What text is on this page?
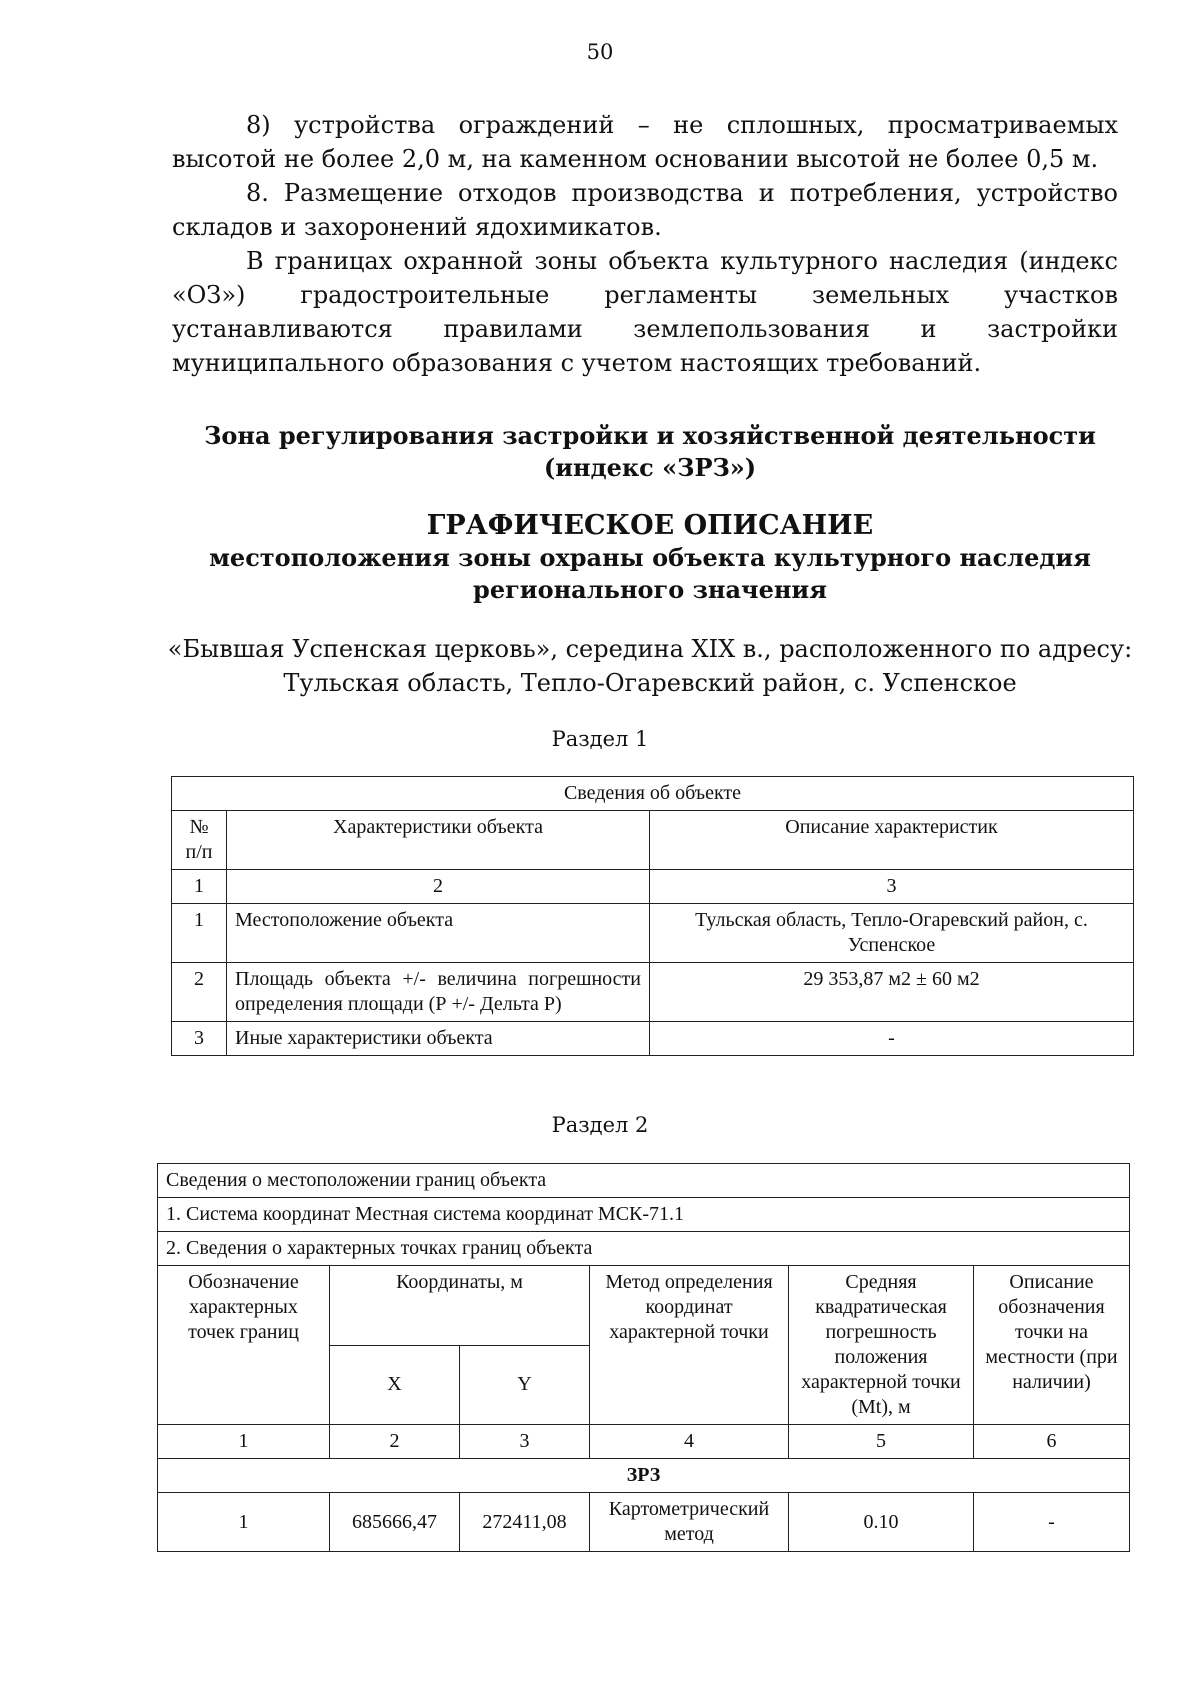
50
8) устройства ограждений – не сплошных, просматриваемых высотой не более 2,0 м, на каменном основании высотой не более 0,5 м.
8. Размещение отходов производства и потребления, устройство складов и захоронений ядохимикатов.
В границах охранной зоны объекта культурного наследия (индекс «ОЗ») градостроительные регламенты земельных участков устанавливаются правилами землепользования и застройки муниципального образования с учетом настоящих требований.
Зона регулирования застройки и хозяйственной деятельности
(индекс «ЗРЗ»)
ГРАФИЧЕСКОЕ ОПИСАНИЕ
местоположения зоны охраны объекта культурного наследия
регионального значения
«Бывшая Успенская церковь», середина XIX в., расположенного по адресу:
Тульская область, Тепло-Огаревский район, с. Успенское
Раздел 1
Сведения об объекте		
№ п/п	Характеристики объекта	Описание характеристик
1	2	3
1	Местоположение объекта	Тульская область, Тепло-Огаревский район, с. Успенское
2	Площадь объекта +/- величина погрешности определения площади (Р +/- Дельта Р)	29 353,87 м2 ± 60 м2
3	Иные характеристики объекта	-
Раздел 2
Сведения о местоположении границ объекта					
1. Система координат Местная система координат МСК-71.1					
2. Сведения о характерных точках границ объекта					
Обозначение характерных точек границ	Координаты, м		Метод определения координат характерной точки	Средняя квадратическая погрешность положения характерной точки (Mt), м	Описание обозначения точки на местности (при наличии)
	X	Y			
1	2	3	4	5	6
ЗРЗ					
1	685666,47	272411,08	Картометрический метод	0.10	-
